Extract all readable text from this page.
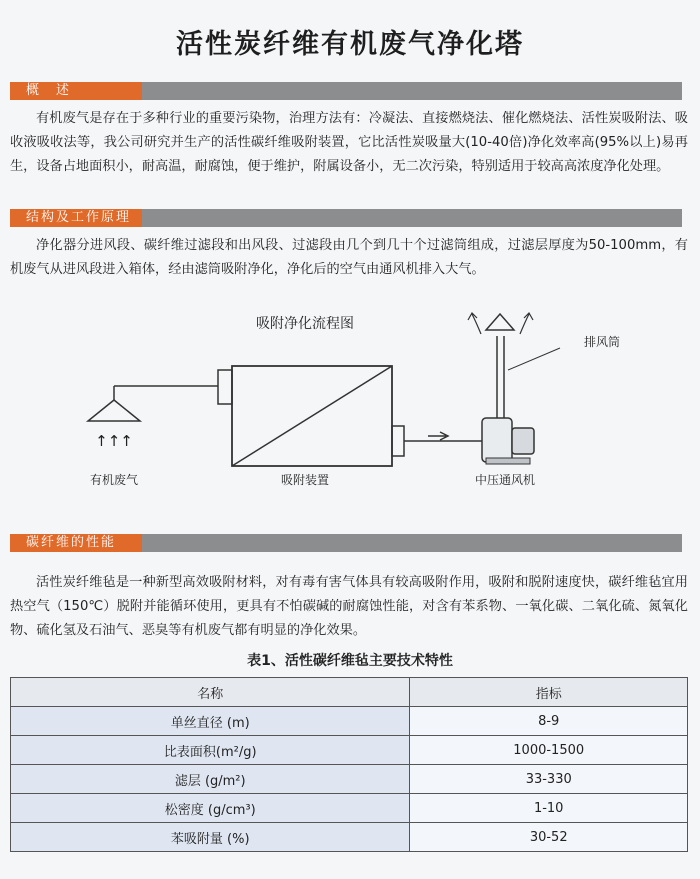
活性炭纤维有机废气净化塔
概　述
有机废气是存在于多种行业的重要污染物，治理方法有：冷凝法、直接燃烧法、催化燃烧法、活性炭吸附法、吸收液吸收法等，我公司研究并生产的活性碳纤维吸附装置，它比活性炭吸量大(10-40倍)净化效率高(95%以上)易再生，设备占地面积小，耐高温，耐腐蚀，便于维护，附属设备小，无二次污染，特别适用于较高高浓度净化处理。
结构及工作原理
净化器分进风段、碳纤维过滤段和出风段、过滤段由几个到几十个过滤筒组成，过滤层厚度为50-100mm，有机废气从进风段进入箱体，经由滤筒吸附净化，净化后的空气由通风机排入大气。
吸附净化流程图
↑↑↑
有机废气	吸附装置	中压通风机
排风筒
碳纤维的性能
活性炭纤维毡是一种新型高效吸附材料，对有毒有害气体具有较高吸附作用，吸附和脱附速度快，碳纤维毡宜用热空气（150℃）脱附并能循环使用，更具有不怕碳碱的耐腐蚀性能，对含有苯系物、一氧化碳、二氧化硫、氮氧化物、硫化氢及石油气、恶臭等有机废气都有明显的净化效果。
表1、活性碳纤维毡主要技术特性
名称	指标
单丝直径 (m)	8-9
比表面积(m²/g)	1000-1500
滤层 (g/m²)	33-330
松密度 (g/cm³)	1-10
苯吸附量 (%)	30-52
